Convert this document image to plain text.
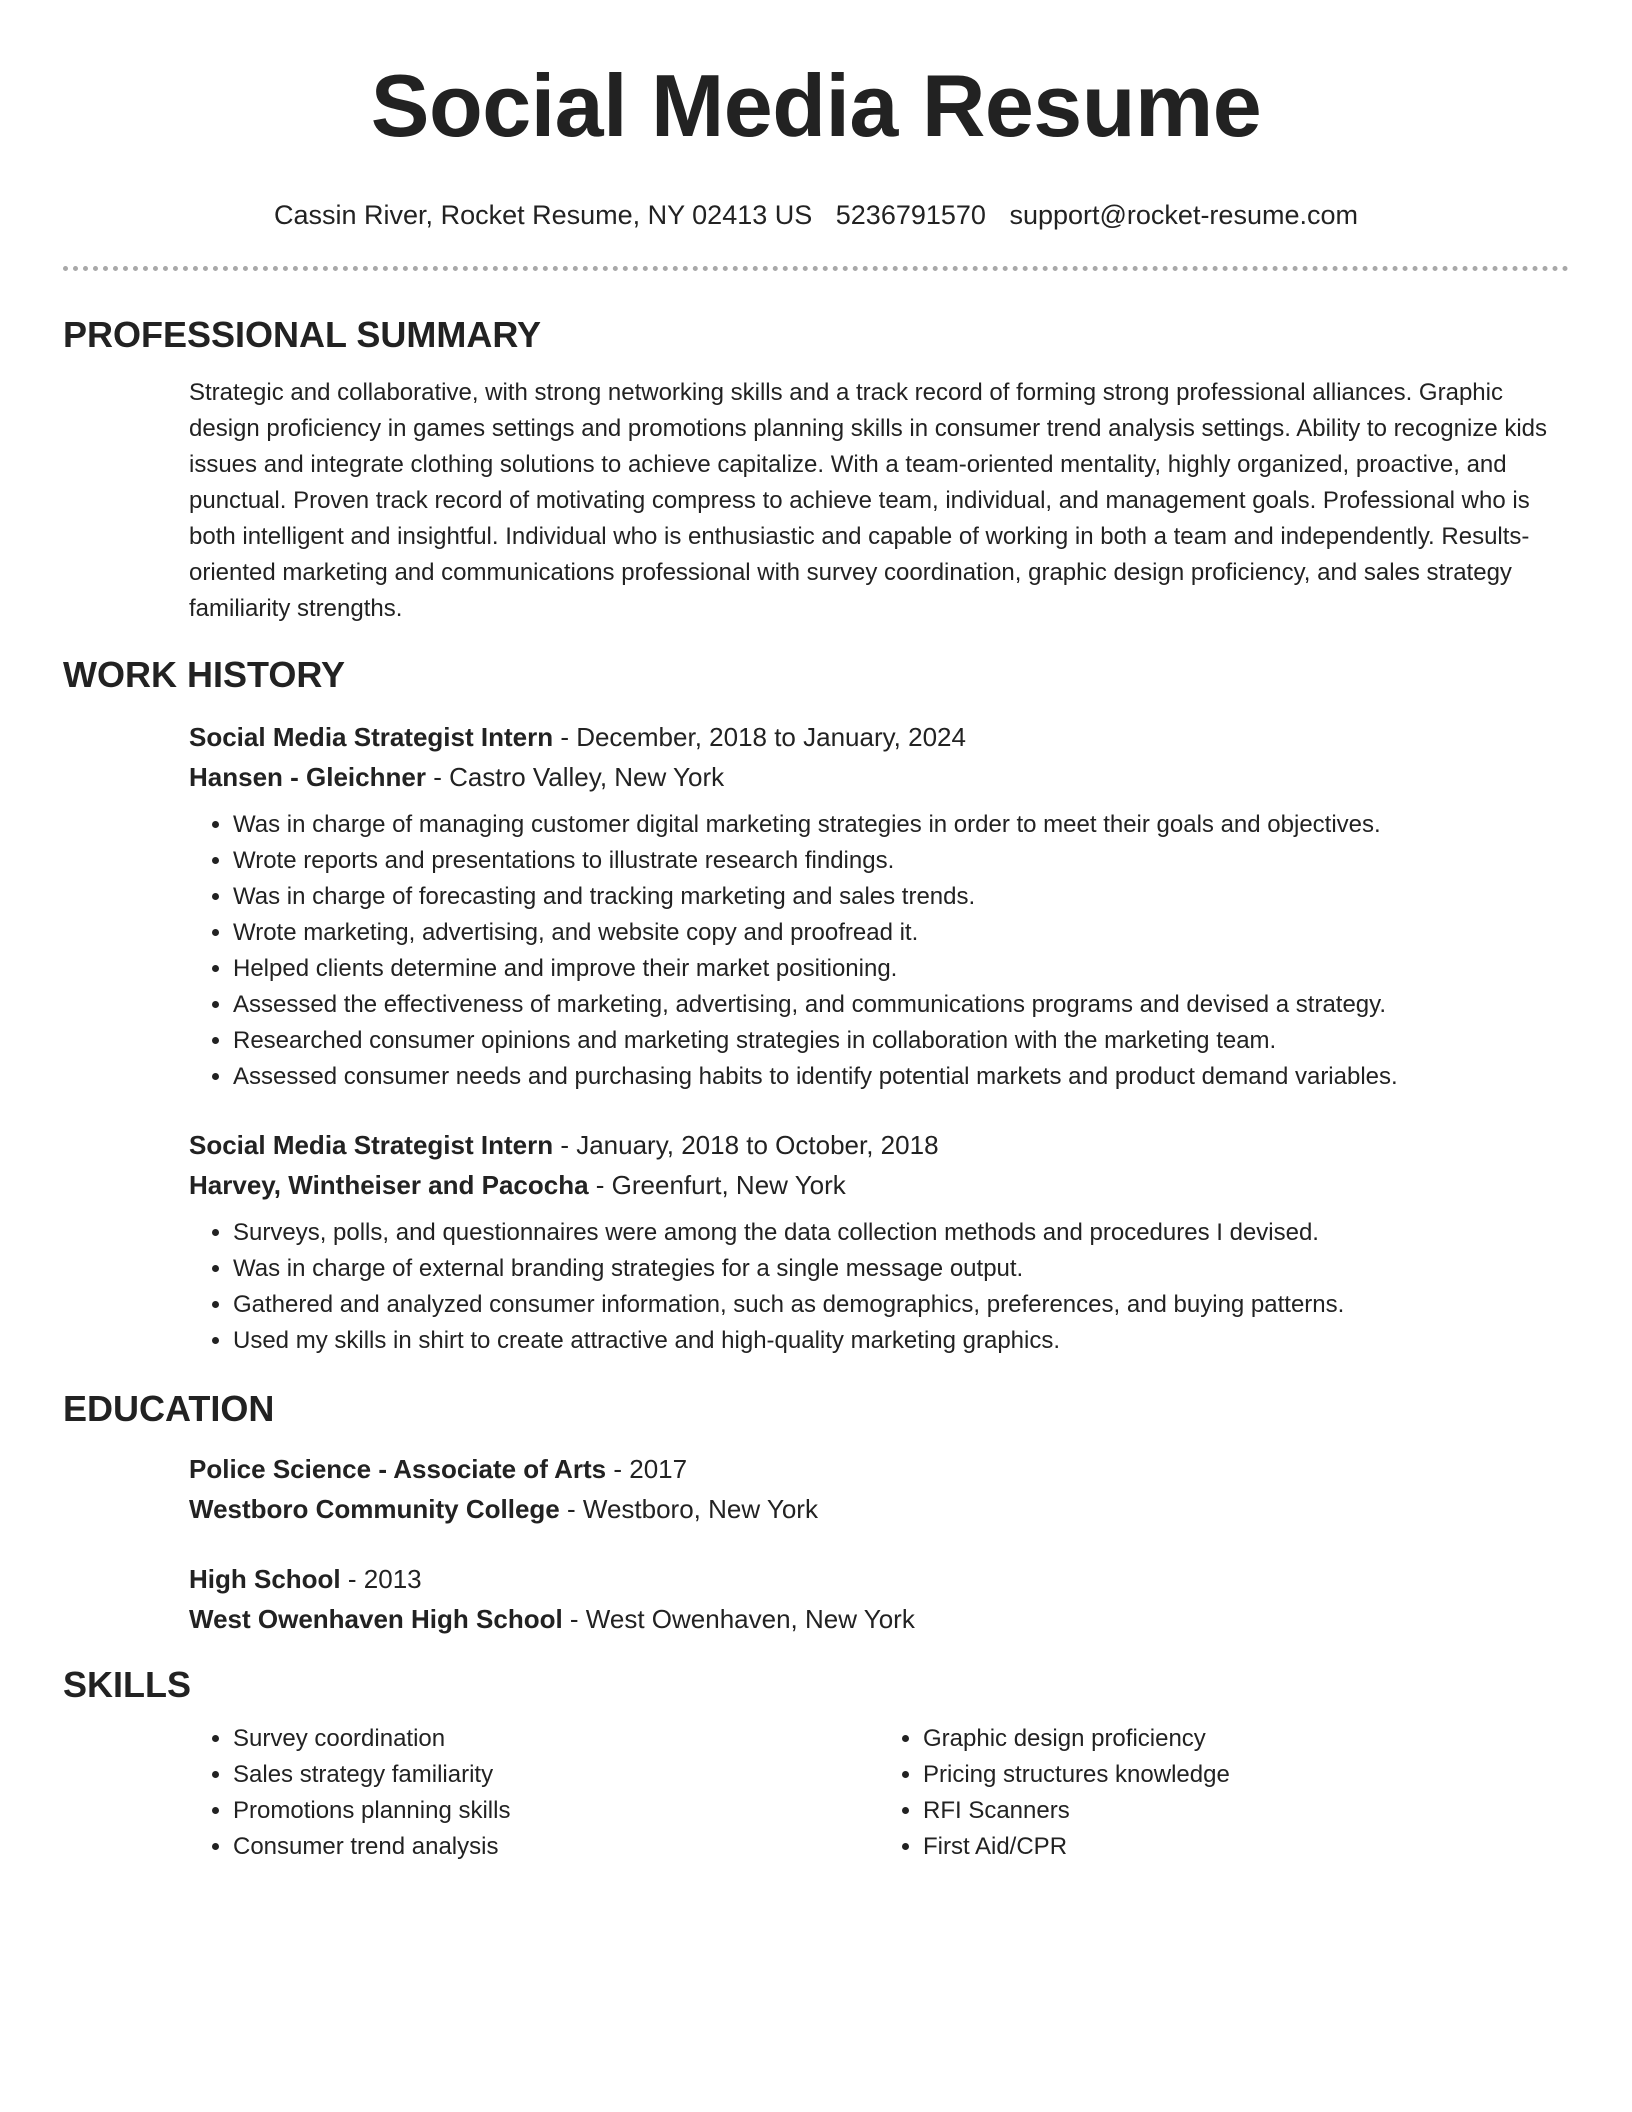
Social Media Resume
Cassin River, Rocket Resume, NY 02413 US 5236791570 support@rocket-resume.com
PROFESSIONAL SUMMARY
Strategic and collaborative, with strong networking skills and a track record of forming strong professional alliances. Graphic design proficiency in games settings and promotions planning skills in consumer trend analysis settings. Ability to recognize kids issues and integrate clothing solutions to achieve capitalize. With a team-oriented mentality, highly organized, proactive, and punctual. Proven track record of motivating compress to achieve team, individual, and management goals. Professional who is both intelligent and insightful. Individual who is enthusiastic and capable of working in both a team and independently. Results-oriented marketing and communications professional with survey coordination, graphic design proficiency, and sales strategy familiarity strengths.
WORK HISTORY
Social Media Strategist Intern - December, 2018 to January, 2024
Hansen - Gleichner - Castro Valley, New York
• Was in charge of managing customer digital marketing strategies in order to meet their goals and objectives.
• Wrote reports and presentations to illustrate research findings.
• Was in charge of forecasting and tracking marketing and sales trends.
• Wrote marketing, advertising, and website copy and proofread it.
• Helped clients determine and improve their market positioning.
• Assessed the effectiveness of marketing, advertising, and communications programs and devised a strategy.
• Researched consumer opinions and marketing strategies in collaboration with the marketing team.
• Assessed consumer needs and purchasing habits to identify potential markets and product demand variables.
Social Media Strategist Intern - January, 2018 to October, 2018
Harvey, Wintheiser and Pacocha - Greenfurt, New York
• Surveys, polls, and questionnaires were among the data collection methods and procedures I devised.
• Was in charge of external branding strategies for a single message output.
• Gathered and analyzed consumer information, such as demographics, preferences, and buying patterns.
• Used my skills in shirt to create attractive and high-quality marketing graphics.
EDUCATION
Police Science - Associate of Arts - 2017
Westboro Community College - Westboro, New York
High School - 2013
West Owenhaven High School - West Owenhaven, New York
SKILLS
• Survey coordination
• Sales strategy familiarity
• Promotions planning skills
• Consumer trend analysis
• Graphic design proficiency
• Pricing structures knowledge
• RFI Scanners
• First Aid/CPR
